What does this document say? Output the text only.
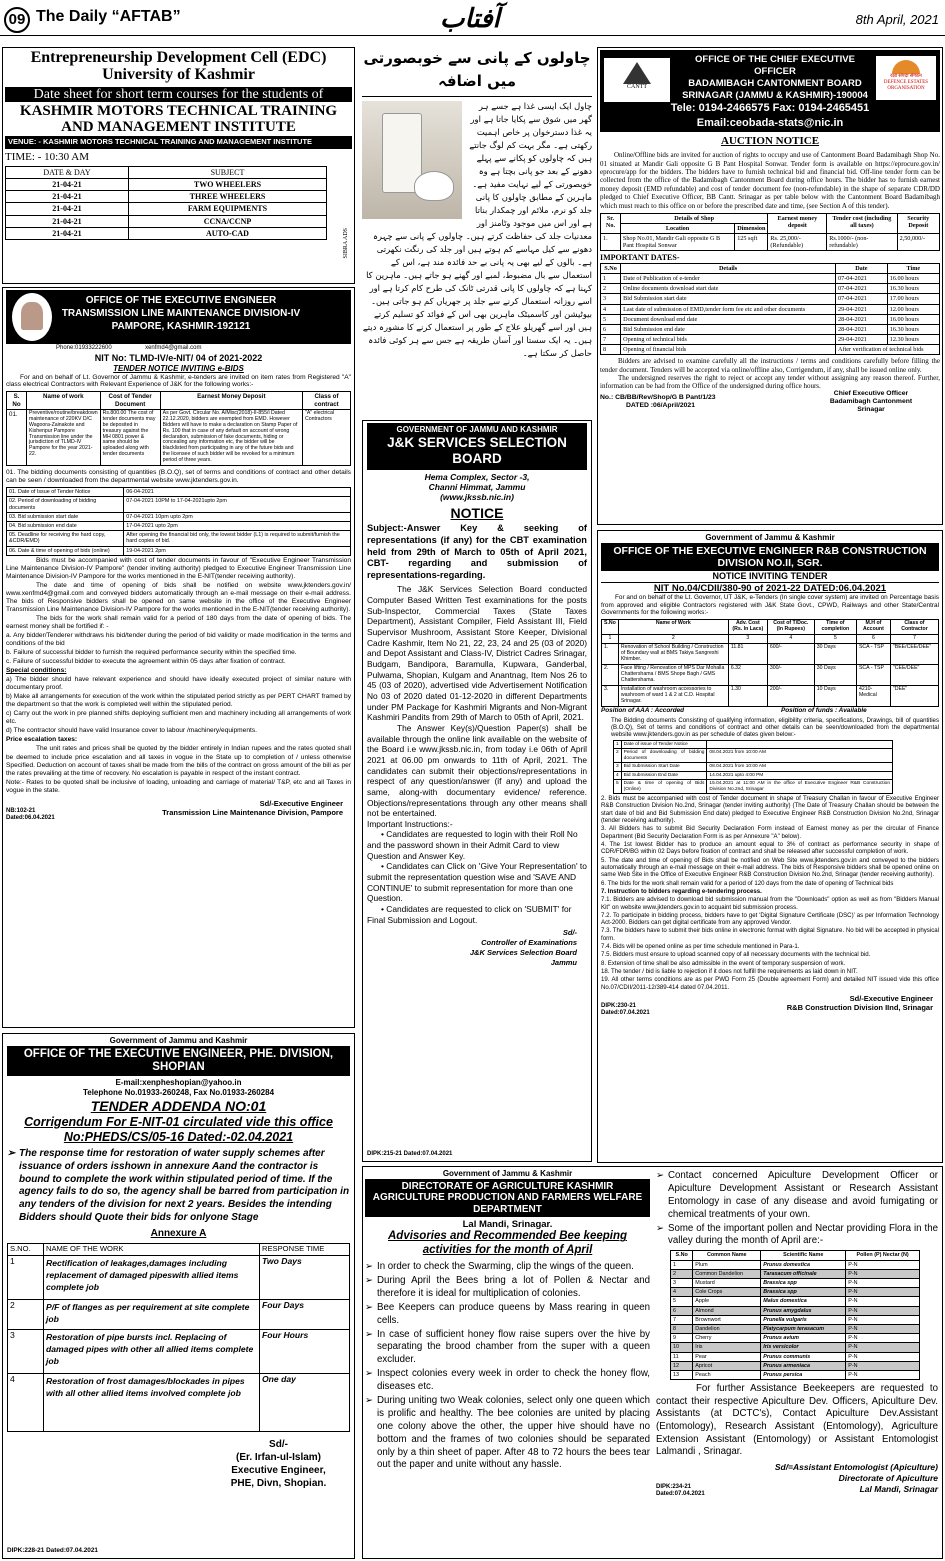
09 The Daily “AFTAB”	آفتاب	8th April, 2021
Entrepreneurship Development Cell (EDC)
University of Kashmir
Date sheet for short term courses for the students of
KASHMIR MOTORS TECHNICAL TRAINING AND MANAGEMENT INSTITUTE
VENUE: - KASHMIR MOTORS TECHNICAL TRAINING AND MANAGEMENT INSTITUTE
TIME: - 10:30 AM
DATE & DAY	SUBJECT
21-04-21	TWO WHEELERS
21-04-21	THREE WHEELERS
21-04-21	FARM EQUIPMENTS
21-04-21	CCNA/CCNP
21-04-21	AUTO-CAD	SIBRA ADS
چاولوں کے پانی سے خوبصورتی میں اضافہ
چاول ایک ایسی غذا ہے جسے ہر گھر میں شوق سے پکایا جاتا ہے اور یہ غذا دسترخوان پر خاص اہمیت رکھتی ہے۔ مگر بہت کم لوگ جانتے ہیں کہ چاولوں کو پکانے سے پہلے دھونے کے بعد جو پانی بچتا ہے وہ خوبصورتی کے لیے نہایت مفید ہے۔ ماہرین کے مطابق چاولوں کا پانی جلد کو نرم، ملائم اور چمکدار بناتا ہے اور اس میں موجود وٹامنز اور معدنیات جلد کی حفاظت کرتے ہیں۔ چاولوں کے پانی سے چہرہ دھونے سے کیل مہاسے کم ہوتے ہیں اور جلد کی رنگت نکھرتی ہے۔ بالوں کے لیے بھی یہ پانی بے حد فائدہ مند ہے، اس کے استعمال سے بال مضبوط، لمبے اور گھنے ہو جاتے ہیں۔ ماہرین کا کہنا ہے کہ چاولوں کا پانی قدرتی ٹانک کی طرح کام کرتا ہے اور اسے روزانہ استعمال کرنے سے جلد پر جھریاں کم ہو جاتی ہیں۔ بیوٹیشن اور کاسمیٹک ماہرین بھی اس کے فوائد کو تسلیم کرتے ہیں اور اسے گھریلو علاج کے طور پر استعمال کرنے کا مشورہ دیتے ہیں۔ یہ ایک سستا اور آسان طریقہ ہے جس سے ہر کوئی فائدہ حاصل کر سکتا ہے۔
CANTT
OFFICE OF THE CHIEF EXECUTIVE OFFICER
BADAMIBAGH CANTONMENT BOARD
SRINAGAR (JAMMU & KASHMIR)-190004
रक्षा संपदा संगठन
DEFENCE ESTATES ORGANISATION
Tele: 0194-2466575 Fax: 0194-2465451
Email:ceobada-stats@nic.in
AUCTION NOTICE
Online/Offline bids are invited for auction of rights to occupy and use of Cantonment Board Badamibagh Shop No. 01 situated at Mandir Gali opposite G B Pant Hospital Sonwar. Tender form is available on https://eprocure.gov.in/ eprocure/app for the bidders. The bidders have to furnish technical bid and financial bid. Off-line tender form can be collected from the office of the Badamibagh Cantonment Board during office hours. The bidder has to furnish earnest money deposit (EMD refundable) and cost of tender document fee (non-refundable) in the shape of separate CDR/DD pledged to Chief Executive Officer, BB Cantt. Srinagar as per table below with the Cantonment Board Badamibagh which must reach to this office on or before the prescribed date and time, (see Section A of this tender).
Sr. No.	Details of Shop		Earnest money deposit	Tender cost (including all taxes)	Security Deposit
	Location	Dimension			
1.	Shop No.01, Mandir Gali opposite G B Pant Hospital Sonwar	125 sqft	Rs. 25,000/- (Refundable)	Rs.1000/- (non-refundable)	2,50,000/-
IMPORTANT DATES-
S.No	Details	Date	Time
1	Date of Publication of e-tender	07-04-2021	16.00 hours
2	Online documents download start date	07-04-2021	16.30 hours
3	Bid Submission start date	07-04-2021	17.00 hours
4	Last date of submission of EMD,tender form fee etc and other documents	29-04-2021	12.00 hours
5	Document download end date	28-04-2021	16.00 hours
6	Bid Submission end date	28-04-2021	16.30 hours
7	Opening of technical bids	29-04-2021	12.30 hours
8	Opening of financial bids	After verification of technical bids	
Bidders are advised to examine carefully all the instructions / terms and conditions carefully before filling the tender document. Tenders will be accepted via online/offline also, Corrigendum, if any, shall be issued online only.
The undersigned reserves the right to reject or accept any tender without assigning any reason thereof. Further, information can be had from the Office of the undersigned during office hours.
No.: CB/BB/Rev/Shop/G B Pant/1/23
DATED :06/April/2021
Chief Executive Officer
Badamibagh Cantonment
Srinagar
OFFICE OF THE EXECUTIVE ENGINEER
TRANSMISSION LINE MAINTENANCE DIVISION-IV
PAMPORE, KASHMIR-192121
Phone:01933222600                    xenfmd4@gmail.com
NIT No: TLMD-IV/e-NIT/ 04 of 2021-2022
TENDER NOTICE INVITING e-BIDS
For and on behalf of Lt. Governor of Jammu & Kashmir, e-tenders are invited on item rates from Registered "A" class electrical Contractors with Relevant Experience of J&K for the following works:-
S. No	Name of work	Cost of Tender Document	Earnest Money Deposit	Class of contract
01.	Preventive/routine/breakdown maintenance of 220KV D/C Wagoora-Zainakote and Kishenpur Pampore Transmission line under the jurisdiction of TLMD-IV Pampore for the year 2021-22.	Rs.800.00 The cost of tender documents may be deposited in treasury against the MH 0801 power & same should be uploaded along with tender documents	As per Govt. Circular No. A/Misc(2018)-II-855/i Dated 22.12.2020, bidders are exempted from EMD. However Bidders will have to make a declaration on Stamp Paper of Rs. 100 that in case of any default on account of wrong declaration, submission of fake documents, hiding or concealing any information etc, the bidder will be blacklisted from participating in any of the future bids and the licensee of such bidder will be revoked for a minimum period of three years.	"A" electrical Contractors
01. The bidding documents consisting of quantities (B.O.Q), set of terms and conditions of contract and other details can be seen / downloaded from the departmental website www.jktenders.gov.in.
01. Date of Issue of Tender Notice	06-04-2021
02. Period of downloading of bidding documents	07-04-2021 10PM to 17-04-2021upto 2pm
03. Bid submission start date	07-04-2021 10pm upto 2pm
04. Bid submission end date	17-04-2021 upto 2pm
05. Deadline for receiving the hard copy, &CDR/EMD)	After opening the financial bid only, the lowest bidder (L1) is required to submit/furnish the hard copies of bid.
06. Date & time of opening of bids (online)	19-04-2021 2pm

Bids must be accompanied with cost of tender documents in favour of "Executive Engineer Transmission Line Maintenance Division-IV Pampore" (tender inviting authority) pledged to Executive Engineer Transmission Line Maintenance Division-IV Pampore for the works mentioned in the E-NIT(tender receiving authority).

The date and time of opening of bids shall be notified on website www.jktenders.gov.in/ www.xenfmd4@gmail.com and conveyed bidders automatically through an e-mail message on their e-mail address. The bids of Responsive bidders shall be opened on same website in the office of the Executive Engineer Transmission Line Maintenance Division-IV Pampore for the works mentioned in the E-NIT(tender receiving authority).

The bids for the work shall remain valid for a period of 180 days from the date of opening of bids. The earnest money shall be fortified if: -

a. Any bidder/Tenderer withdraws his bid/tender during the period of bid validity or made modification in the terms and conditions of the bid

b. Failure of successful bidder to furnish the required performance security within the specified time.

c. Failure of successful bidder to execute the agreement within 05 days after fixation of contract.

Special conditions:

a) The bidder should have relevant experience and should have ideally executed project of similar nature with documentary proof.

b) Make all arrangements for execution of the work within the stipulated period strictly as per PERT CHART framed by the department so that the work is completed well within the stipulated period.

c) Carry out the work in pre planned shifts deploying sufficient men and machinery including all arrangements of work etc.

d) The contractor should have valid Insurance cover to labour /machinery/equipments.

Price escalation taxes:

The unit rates and prices shall be quoted by the bidder entirely in Indian rupees and the rates quoted shall be deemed to include price escalation and all taxes in vogue in the State up to completion of / unless otherwise Specified. Deduction on account of taxes shall be made from the bills of the contract on gross amount of the bill as per the rates prevailing at the time of recovery. No escalation is payable in respect of the instant contract.

Note:- Rates to be quoted shall be inclusive of loading, unloading and carriage of material/ T&P, etc and all Taxes in vogue in the state.

Sd/-Executive Engineer
NB:102-21
Dated:06.04.2021
Transmission Line Maintenance Division, Pampore
GOVERNMENT OF JAMMU AND KASHMIR
J&K SERVICES SELECTION BOARD
Hema Complex, Sector -3,
Channi Himmat, Jammu
(www.jkssb.nic.in)
NOTICE
Subject:-Answer Key & seeking of representations (if any) for the CBT examination held from 29th of March to 05th of April 2021, CBT- regarding and submission of representations-regarding.
The J&K Services Selection Board conducted Computer Based Written Test examinations for the posts Sub-Inspector, Commercial Taxes (State Taxes Department), Assistant Compiler, Field Assistant III, Field Supervisor Mushroom, Assistant Store Keeper, Divisional Cadre Kashmir, Item No 21, 22, 23, 24 and 25 (03 of 2020) and Depot Assistant and Class-IV, District Cadres Srinagar, Budgam, Bandipora, Baramulla, Kupwara, Ganderbal, Pulwama, Shopian, Kulgam and Anantnag, Item Nos 26 to 45 (03 of 2020), advertised vide Advertisement Notification No 03 of 2020 dated 01-12-2020 in different Departments under PM Package for Kashmiri Migrants and Non-Migrant Kashmiri Pandits from 29th of March to 05th of April, 2021.
The Answer Key(s)/Question Paper(s) shall be available through the online link available on the website of the Board i.e www.jkssb.nic.in, from today i.e 06th of April 2021 at 06.00 pm onwards to 11th of April, 2021. The candidates can submit their objections/representations in respect of any question/answer (if any) and upload the same, along-with documentary evidence/ reference. Objections/representations through any other means shall not be entertained.
Important Instructions:-
• Candidates are requested to login with their Roll No and the password shown in their Admit Card to view Question and Answer Key.
• Candidates can Click on 'Give Your Representation' to submit the representation question wise and 'SAVE AND CONTINUE' to submit representation for more than one Question.
• Candidates are requested to click on 'SUBMIT' for Final Submission and Logout.
Sd/-
Controller of Examinations
J&K Services Selection Board
Jammu
DIPK:215-21 Dated:07.04.2021
Government of Jammu & Kashmir
OFFICE OF THE EXECUTIVE ENGINEER R&B CONSTRUCTION DIVISION NO.II, SGR.
NOTICE INVITING TENDER
NIT No.04/CDII/380-90 of 2021-22 DATED:06.04.2021
For and on behalf of the Lt. Governor, UT J&K, e-Tenders (In single cover system) are invited on Percentage basis from approved and eligible Contractors registered with J&K State Govt., CPWD, Railways and other State/Central Governments for the following works:-
S.No	Name of Work	Adv. Cost (Rs. In Lacs)	Cost of T/Doc. (In Rupees)	Time of completion	M.H of Account	Class of Contractor
1	2	3	4	5	6	7
1.	Renovation of School Building / Construction of Boundary wall at BMS Takiya Sangreshi Khimber.	11.81	600/-	30 Days	SCA - TSP	"BEE/CEE/DEE"
2.	Face lifting / Renovation of MPS Dar Mohalla Chattershama / BMS Shope Bagh / GMS Chattershama.	6.32	300/-	30 Days	SCA - TSP	"CEE/DEE"
3.	Installation of washroom accessories to washroom of ward 1 & 2 at C.D. Hospital Srinagar.	1.30	200/-	10 Days	4210-Medical	"DEE"
Position of AAA : Accorded	Position of funds : Available

The Bidding documents Consisting of qualifying information, eligibility criteria, specifications, Drawings, bill of quantities (B.O.Q), Set of terms and conditions of contract and other details can be seen/downloaded from the departmental website www.jktenders.gov.in as per schedule of dates given below:-

1	Date of issue of Tender Notice	
2	Period of downloading of bidding documents	08.04.2021 from 10:00 AM
3	Bid Submission Start Date	08.04.2021 from 10:00 AM
4	Bid Submission End Date	14.04.2021 upto 4:00 PM
5	Date & time of opening of Bids (Online)	15.04.2021 at 11:00 AM in the office of Executive Engineer R&B Construction Division No.2nd, Srinagar

2. Bids must be accompanied with cost of Tender document in shape of Treasury Challan in favour of Executive Engineer R&B Construction Division No.2nd, Srinagar (tender inviting authority) (The Date of Treasury Challan should be between the start date of bid and Bid Submission End date) pledged to Executive Engineer R&B Construction Division No.2nd, Srinagar (tender receiving authority).

3. All Bidders has to submit Bid Security Declaration Form instead of Earnest money as per the circular of Finance Department (Bid Security Declaration Form is as per Annexure "A" below).

4. The 1st lowest Bidder has to produce an amount equal to 3% of contract as performance security in shape of CDR/FDR/BG within 02 Days before fixation of contract and shall be released after successful completion of work.

5. The date and time of opening of Bids shall be notified on Web Site www.jktenders.gov.in and conveyed to the bidders automatically through an e-mail message on their e-mail address. The bids of Responsive bidders shall be opened online on same Web Site in the Office of Executive Engineer R&B Construction Division No.2nd, Srinagar (tender receiving authority).

6. The bids for the work shall remain valid for a period of 120 days from the date of opening of Technical bids

7. Instruction to bidders regarding e-tendering process.

7.1. Bidders are advised to download bid submission manual from the "Downloads" option as well as from "Bidders Manual Kit" on website www.jktenders.gov.in to acquaint bid submission process.

7.2. To participate in bidding process, bidders have to get 'Digital Signature Certificate (DSC)' as per Information Technology Act-2000. Bidders can get digital certificate from any approved Vendor.

7.3. The bidders have to submit their bids online in electronic format with digital Signature. No bid will be accepted in physical form.

7.4. Bids will be opened online as per time schedule mentioned in Para-1.

7.5. Bidders must ensure to upload scanned copy of all necessary documents with the technical bid.

8. Extension of time shall be also admissible in the event of temporary suspension of work.

18. The tender / bid is liable to rejection if it does not fulfill the requirements as laid down in NIT.

19. All other terms conditions are as per PWD Form 25 (Double agreement Form) and detailed NIT issued vide this office No.07/CDII/2011-12/389-414 dated 07.04.2011.

Sd/-Executive Engineer
DIPK:230-21
Dated:07.04.2021
R&B Construction Division IInd, Srinagar
Government of Jammu and Kashmir
OFFICE OF THE EXECUTIVE ENGINEER, PHE. DIVISION, SHOPIAN
E-mail:xenpheshopian@yahoo.in
Telephone No.01933-260248, Fax No.01933-260284
TENDER ADDENDA NO:01
Corrigendum For E-NIT-01 circulated vide this office
No:PHEDS/CS/05-16 Dated:-02.04.2021
➢ The response time for restoration of water supply schemes after issuance of orders isshown in annexure Aand the contractor is bound to complete the work within stipulated period of time. If the agency fails to do so, the agency shall be barred from participation in any tenders of the division for next 2 years. Besides the intending Bidders should Quote their bids for onlyone Stage
Annexure A
S.NO.	NAME OF THE WORK	RESPONSE TIME
1	Rectification of leakages,damages including replacement of damaged pipeswith allied items complete job	Two Days
2	P/F of flanges as per requirement at site complete job	Four Days
3	Restoration of pipe bursts incl. Replacing of damaged pipes with other all allied items complete job	Four Hours
4	Restoration of frost damages/blockades in pipes with all other allied items involved complete job	One day
Sd/-
(Er. Irfan-ul-Islam)
Executive Engineer,
PHE, Divn, Shopian.
DIPK:228-21 Dated:07.04.2021
Government of Jammu & Kashmir
DIRECTORATE OF AGRICULTURE KASHMIR AGRICULTURE PRODUCTION AND FARMERS WELFARE DEPARTMENT
Lal Mandi, Srinagar.
Advisories and Recommended Bee keeping
activities for the month of April
➢ In order to check the Swarming, clip the wings of the queen.
➢ During April the Bees bring a lot of Pollen & Nectar and therefore it is ideal for multiplication of colonies.
➢ Bee Keepers can produce queens by Mass rearing in queen cells.
➢ In case of sufficient honey flow raise supers over the hive by separating the brood chamber from the super with a queen excluder.
➢ Inspect colonies every week in order to check the honey flow, diseases etc.
➢ During uniting two Weak colonies, select only one queen which is prolific and healthy. The bee colonies are united by placing one colony above the other, the upper hive should have no bottom and the frames of two colonies should be separated only by a thin sheet of paper. After 48 to 72 hours the bees tear out the paper and unite without any hassle.
➢ Contact concerned Apiculture Development Officer or Apiculture Development Assistant or Research Assistant Entomology in case of any disease and avoid fumigating or chemical treatments of your own.
➢ Some of the important pollen and Nectar providing Flora in the valley during the month of April are:-
S.No	Common Name	Scientific Name	Pollen (P) Nectar (N)
1	Plum	Prunus domestica	P-N
2	Common Dandelion	Taraxacum officinale	P-N
3	Mustard	Brassica spp	P-N
4	Cole Crops	Brassica spp	P-N
5	Apple	Malus domestica	P-N
6	Almond	Prunus amygdalus	P-N
7	Brownwort	Prunella vulgaris	P-N
8	Dandelion	Platycarpum terasacum	P-N
9	Cherry	Prunus avium	P-N
10	Iris	Iris versicolor	P-N
11	Pear	Prunus communis	P-N
12	Apricot	Prunus armeniaca	P-N
13	Peach	Prunus persica	P-N
For further Assistance Beekeepers are requested to contact their respective Apiculture Dev. Officers, Apiculture Dev. Assistants (at DCTC's), Contact Apiculture Dev.Assistant (Entomology), Research Assistant (Entomology), Agriculture Extension Assistant (Entomology) or Assistant Entomologist Lalmandi , Srinagar.
Sd/=Assistant Entomologist (Apiculture)
Directorate of Apiculture
DIPK:234-21
Dated:07.04.2021
Lal Mandi, Srinagar
